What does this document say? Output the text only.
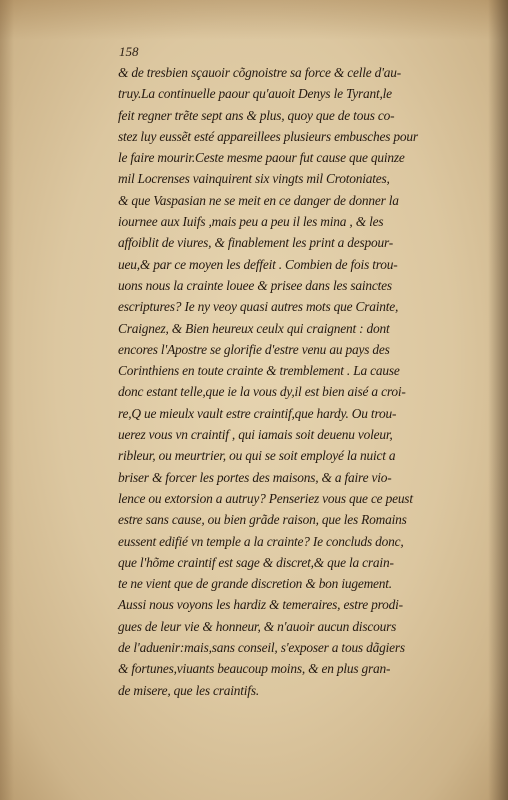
158
& de tresbien sçauoir cõgnoistre sa force & celle d'au-
truy.La continuelle paour qu'auoit Denys le Tyrant,le
feit regner trẽte sept ans & plus, quoy que de tous co-
stez luy eussẽt esté appareillees plusieurs embusches pour
le faire mourir.Ceste mesme paour fut cause que quinze
mil Locrenses vainquirent six vingts mil Crotoniates,
& que Vaspasian ne se meit en ce danger de donner la
iournee aux Iuifs ,mais peu a peu il les mina , & les
affoiblit de viures, & finablement les print a despour-
ueu,& par ce moyen les deffeit . Combien de fois trou-
uons nous la crainte louee & prisee dans les sainctes
escriptures? Ie ny veoy quasi autres mots que Crainte,
Craignez, & Bien heureux ceulx qui craignent : dont
encores l'Apostre se glorifie d'estre venu au pays des
Corinthiens en toute crainte & tremblement . La cause
donc estant telle,que ie la vous dy,il est bien aisé a croi-
re,Q ue mieulx vault estre craintif,que hardy. Ou trou-
uerez vous vn craintif , qui iamais soit deuenu voleur,
ribleur, ou meurtrier, ou qui se soit employé la nuict a
briser & forcer les portes des maisons, & a faire vio-
lence ou extorsion a autruy? Penseriez vous que ce peust
estre sans cause, ou bien grãde raison, que les Romains
eussent edifié vn temple a la crainte? Ie concluds donc,
que l'hõme craintif est sage & discret,& que la crain-
te ne vient que de grande discretion & bon iugement.
Aussi nous voyons les hardiz & temeraires, estre prodi-
gues de leur vie & honneur, & n'auoir aucun discours
de l'aduenir:mais,sans conseil, s'exposer a tous dãgiers
& fortunes,viuants beaucoup moins, & en plus gran-
de misere, que les craintifs.
